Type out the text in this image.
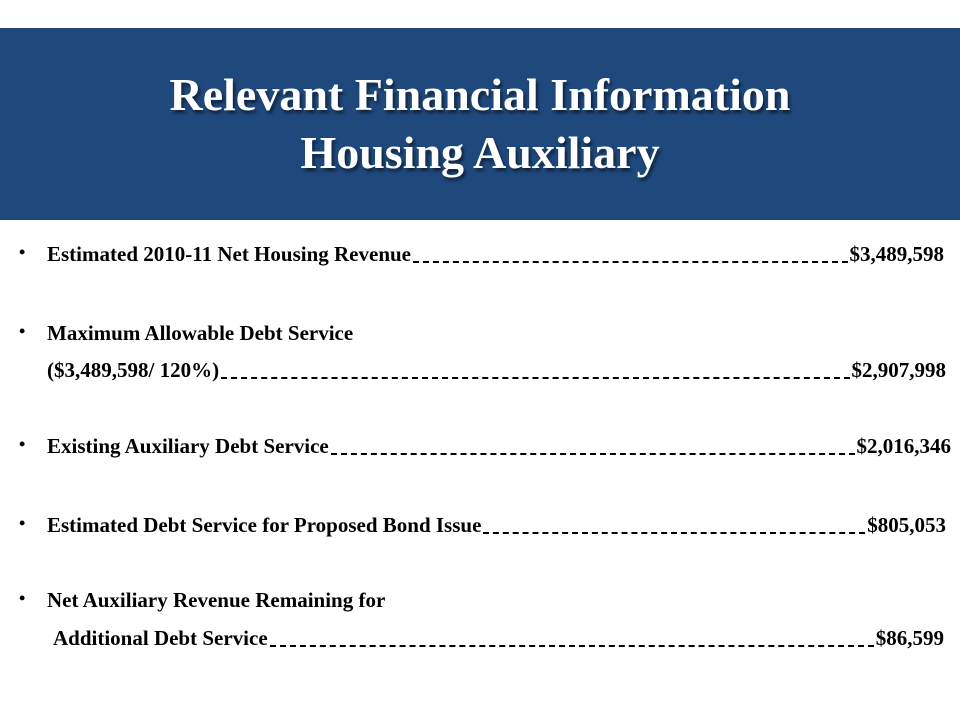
Relevant Financial Information
Housing Auxiliary
• Estimated 2010-11 Net Housing Revenue	$3,489,598
• Maximum Allowable Debt Service
($3,489,598/ 120%)	$2,907,998
• Existing Auxiliary Debt Service	$2,016,346
• Estimated Debt Service for Proposed Bond Issue	$805,053
• Net Auxiliary Revenue Remaining for
Additional Debt Service	$86,599
